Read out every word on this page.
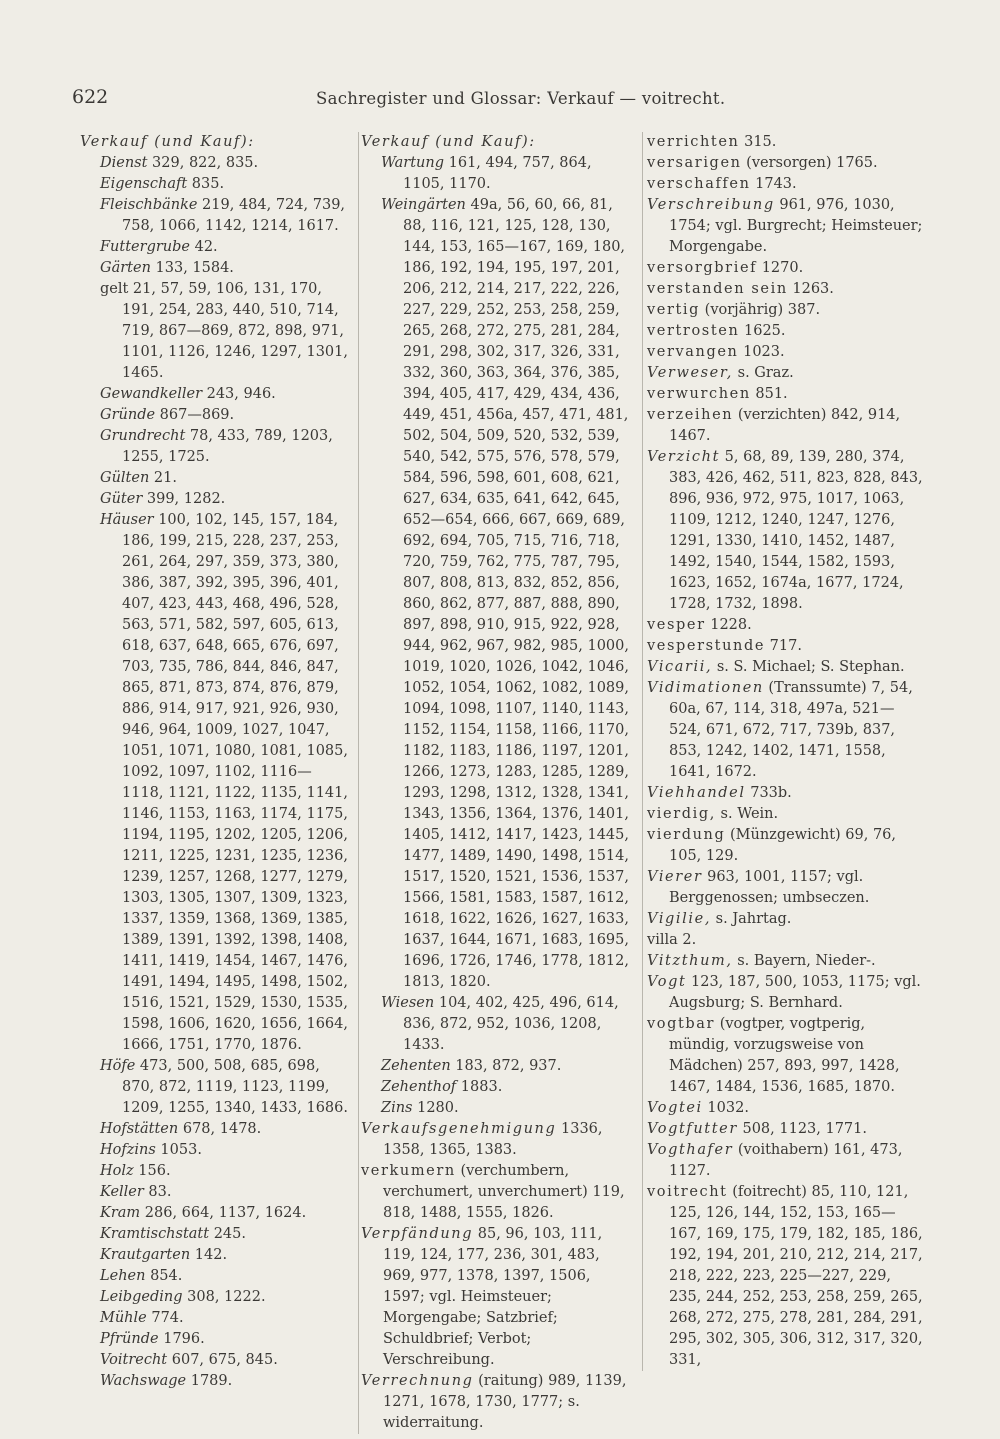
622	Sachregister und Glossar: Verkauf — voitrecht.

Verkauf (und Kauf):

Dienst 329, 822, 835.

Eigenschaft 835.

Fleischbänke 219, 484, 724, 739, 758, 1066, 1142, 1214, 1617.

Futtergrube 42.

Gärten 133, 1584.

gelt 21, 57, 59, 106, 131, 170, 191, 254, 283, 440, 510, 714, 719, 867—869, 872, 898, 971, 1101, 1126, 1246, 1297, 1301, 1465.

Gewandkeller 243, 946.

Gründe 867—869.

Grundrecht 78, 433, 789, 1203, 1255, 1725.

Gülten 21.

Güter 399, 1282.

Häuser 100, 102, 145, 157, 184, 186, 199, 215, 228, 237, 253, 261, 264, 297, 359, 373, 380, 386, 387, 392, 395, 396, 401, 407, 423, 443, 468, 496, 528, 563, 571, 582, 597, 605, 613, 618, 637, 648, 665, 676, 697, 703, 735, 786, 844, 846, 847, 865, 871, 873, 874, 876, 879, 886, 914, 917, 921, 926, 930, 946, 964, 1009, 1027, 1047, 1051, 1071, 1080, 1081, 1085, 1092, 1097, 1102, 1116—1118, 1121, 1122, 1135, 1141, 1146, 1153, 1163, 1174, 1175, 1194, 1195, 1202, 1205, 1206, 1211, 1225, 1231, 1235, 1236, 1239, 1257, 1268, 1277, 1279, 1303, 1305, 1307, 1309, 1323, 1337, 1359, 1368, 1369, 1385, 1389, 1391, 1392, 1398, 1408, 1411, 1419, 1454, 1467, 1476, 1491, 1494, 1495, 1498, 1502, 1516, 1521, 1529, 1530, 1535, 1598, 1606, 1620, 1656, 1664, 1666, 1751, 1770, 1876.

Höfe 473, 500, 508, 685, 698, 870, 872, 1119, 1123, 1199, 1209, 1255, 1340, 1433, 1686.

Hofstätten 678, 1478.

Hofzins 1053.

Holz 156.

Keller 83.

Kram 286, 664, 1137, 1624.

Kramtischstatt 245.

Krautgarten 142.

Lehen 854.

Leibgeding 308, 1222.

Mühle 774.

Pfründe 1796.

Voitrecht 607, 675, 845.

Wachswage 1789.

Verkauf (und Kauf):

Wartung 161, 494, 757, 864, 1105, 1170.

Weingärten 49a, 56, 60, 66, 81, 88, 116, 121, 125, 128, 130, 144, 153, 165—167, 169, 180, 186, 192, 194, 195, 197, 201, 206, 212, 214, 217, 222, 226, 227, 229, 252, 253, 258, 259, 265, 268, 272, 275, 281, 284, 291, 298, 302, 317, 326, 331, 332, 360, 363, 364, 376, 385, 394, 405, 417, 429, 434, 436, 449, 451, 456a, 457, 471, 481, 502, 504, 509, 520, 532, 539, 540, 542, 575, 576, 578, 579, 584, 596, 598, 601, 608, 621, 627, 634, 635, 641, 642, 645, 652—654, 666, 667, 669, 689, 692, 694, 705, 715, 716, 718, 720, 759, 762, 775, 787, 795, 807, 808, 813, 832, 852, 856, 860, 862, 877, 887, 888, 890, 897, 898, 910, 915, 922, 928, 944, 962, 967, 982, 985, 1000, 1019, 1020, 1026, 1042, 1046, 1052, 1054, 1062, 1082, 1089, 1094, 1098, 1107, 1140, 1143, 1152, 1154, 1158, 1166, 1170, 1182, 1183, 1186, 1197, 1201, 1266, 1273, 1283, 1285, 1289, 1293, 1298, 1312, 1328, 1341, 1343, 1356, 1364, 1376, 1401, 1405, 1412, 1417, 1423, 1445, 1477, 1489, 1490, 1498, 1514, 1517, 1520, 1521, 1536, 1537, 1566, 1581, 1583, 1587, 1612, 1618, 1622, 1626, 1627, 1633, 1637, 1644, 1671, 1683, 1695, 1696, 1726, 1746, 1778, 1812, 1813, 1820.

Wiesen 104, 402, 425, 496, 614, 836, 872, 952, 1036, 1208, 1433.

Zehenten 183, 872, 937.

Zehenthof 1883.

Zins 1280.

Verkaufsgenehmigung 1336, 1358, 1365, 1383.

verkumern (verchumbern, verchumert, unverchumert) 119, 818, 1488, 1555, 1826.

Verpfändung 85, 96, 103, 111, 119, 124, 177, 236, 301, 483, 969, 977, 1378, 1397, 1506, 1597; vgl. Heimsteuer; Morgengabe; Satzbrief; Schuldbrief; Verbot; Verschreibung.

Verrechnung (raitung) 989, 1139, 1271, 1678, 1730, 1777; s. widerraitung.

verrichten 315.

versarigen (versorgen) 1765.

verschaffen 1743.

Verschreibung 961, 976, 1030, 1754; vgl. Burgrecht; Heimsteuer; Morgengabe.

versorgbrief 1270.

verstanden sein 1263.

vertig (vorjährig) 387.

vertrosten 1625.

vervangen 1023.

Verweser, s. Graz.

verwurchen 851.

verzeihen (verzichten) 842, 914, 1467.

Verzicht 5, 68, 89, 139, 280, 374, 383, 426, 462, 511, 823, 828, 843, 896, 936, 972, 975, 1017, 1063, 1109, 1212, 1240, 1247, 1276, 1291, 1330, 1410, 1452, 1487, 1492, 1540, 1544, 1582, 1593, 1623, 1652, 1674a, 1677, 1724, 1728, 1732, 1898.

vesper 1228.

vesperstunde 717.

Vicarii, s. S. Michael; S. Stephan.

Vidimationen (Transsumte) 7, 54, 60a, 67, 114, 318, 497a, 521—524, 671, 672, 717, 739b, 837, 853, 1242, 1402, 1471, 1558, 1641, 1672.

Viehhandel 733b.

vierdig, s. Wein.

vierdung (Münzgewicht) 69, 76, 105, 129.

Vierer 963, 1001, 1157; vgl. Berggenossen; umbseczen.

Vigilie, s. Jahrtag.

villa 2.

Vitzthum, s. Bayern, Nieder-.

Vogt 123, 187, 500, 1053, 1175; vgl. Augsburg; S. Bernhard.

vogtbar (vogtper, vogtperig, mündig, vorzugsweise von Mädchen) 257, 893, 997, 1428, 1467, 1484, 1536, 1685, 1870.

Vogtei 1032.

Vogtfutter 508, 1123, 1771.

Vogthafer (voithabern) 161, 473, 1127.

voitrecht (foitrecht) 85, 110, 121, 125, 126, 144, 152, 153, 165—167, 169, 175, 179, 182, 185, 186, 192, 194, 201, 210, 212, 214, 217, 218, 222, 223, 225—227, 229, 235, 244, 252, 253, 258, 259, 265, 268, 272, 275, 278, 281, 284, 291, 295, 302, 305, 306, 312, 317, 320, 331,
